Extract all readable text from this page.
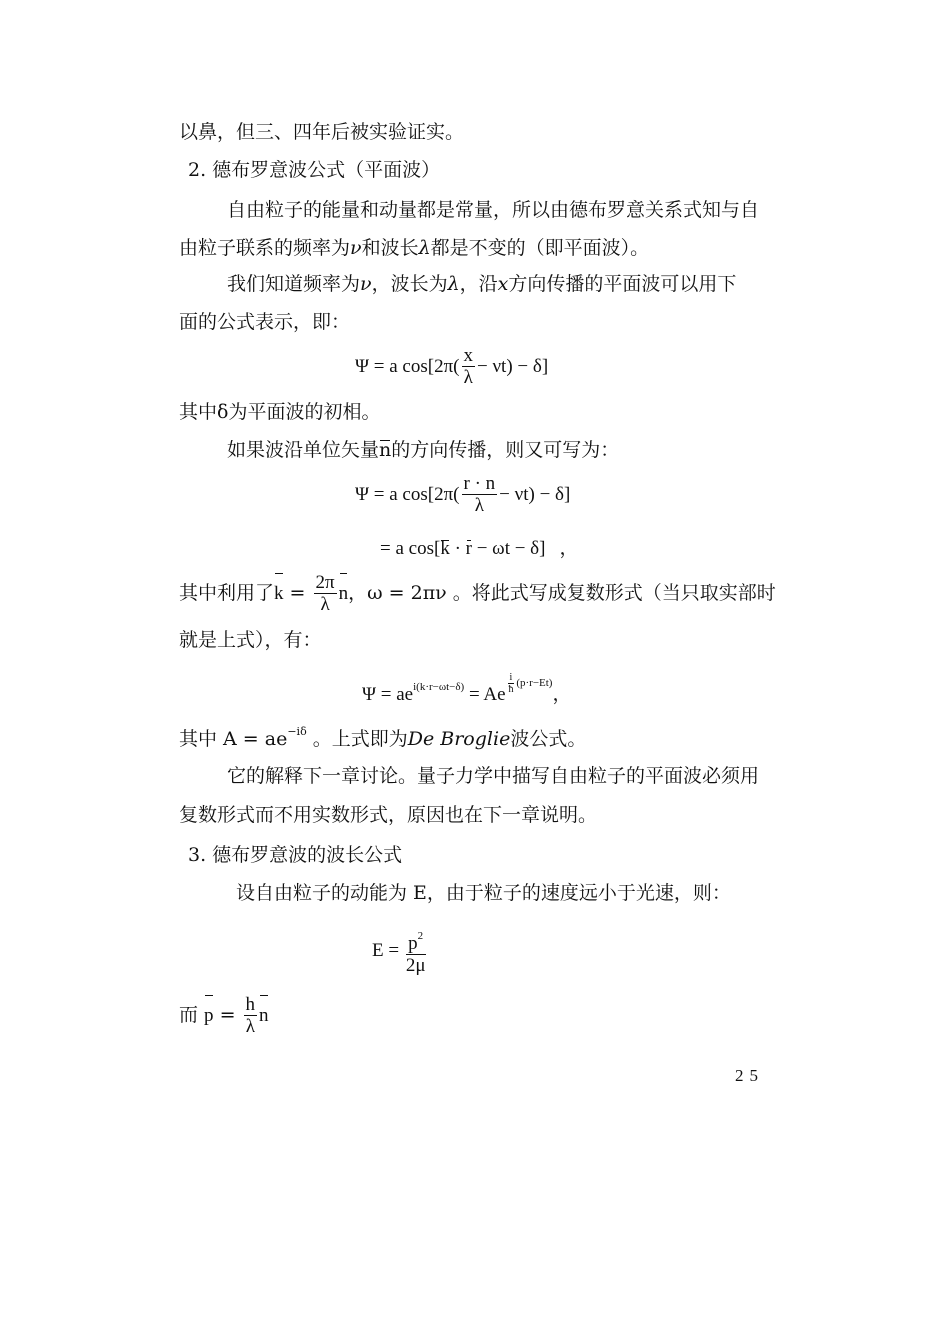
以鼻，但三、四年后被实验证实。
2. 德布罗意波公式（平面波）
自由粒子的能量和动量都是常量，所以由德布罗意关系式知与自
由粒子联系的频率为ν和波长λ都是不变的（即平面波）。
我们知道频率为ν，波长为λ，沿x方向传播的平面波可以用下
面的公式表示，即：
Ψ = a $\cos[2\pi( \frac{x}{\lambda} - \nu t) - \delta]$
其中δ为平面波的初相。
如果波沿单位矢量n的方向传播，则又可写为：
Ψ = a $\cos[2\pi( \frac{r \cdot n}{\lambda} - \nu t) - \delta]$
= a cos[k · r − ωt − δ] ，
其中利用了$k = \frac{2\pi}{\lambda}$ n，ω = 2πν 。将此式写成复数形式（当只取实部时
就是上式），有：
$\Psi = ae^{i(k\cdot r-\omega t-\delta)} = Ae$ $^{\frac{i}{ħ} (p\cdot r-Et)}$，
其中 $A = ae^{-i\delta}$ 。上式即为De Broglie波公式。
它的解释下一章讨论。量子力学中描写自由粒子的平面波必须用
复数形式而不用实数形式，原因也在下一章说明。
3. 德布罗意波的波长公式
设自由粒子的动能为 E，由于粒子的速度远小于光速，则：
$E = \frac{p^2}{2\mu}$
而 $p = \frac{h}{\lambda}$ n
25
